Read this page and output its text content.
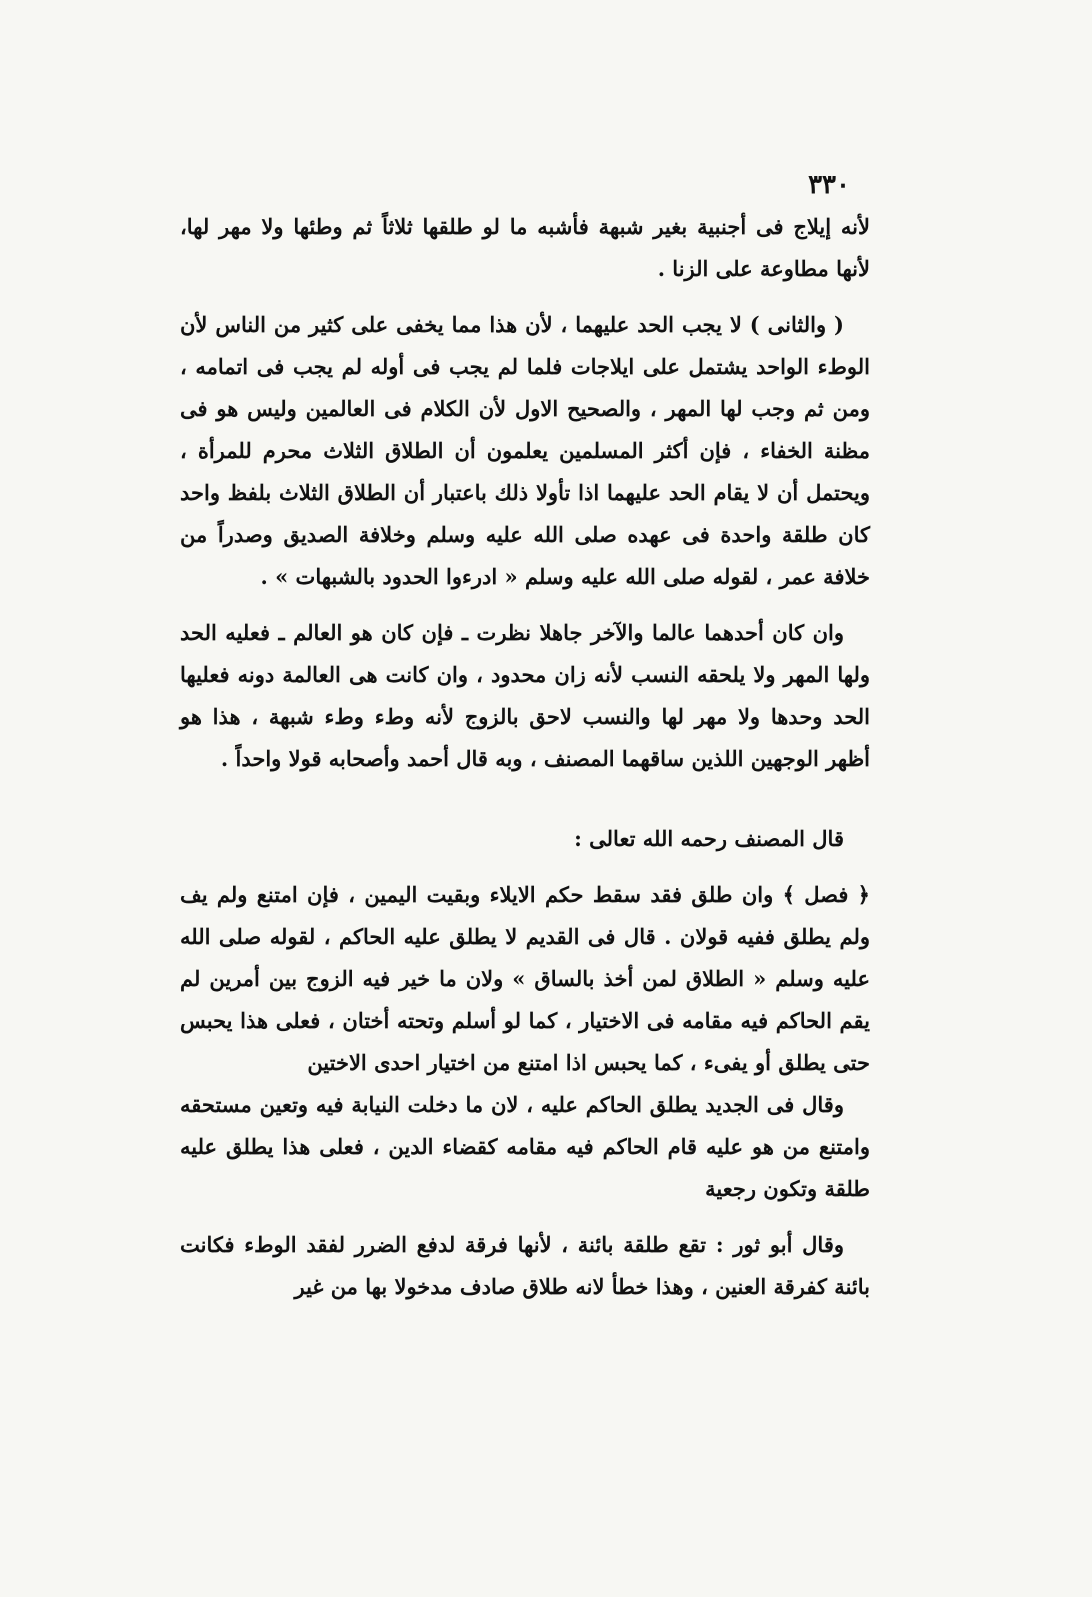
٣٣٠

لأنه إيلاج فى أجنبية بغير شبهة فأشبه ما لو طلقها ثلاثاً ثم وطئها ولا مهر لها، لأنها مطاوعة على الزنا .

( والثانى ) لا يجب الحد عليهما ، لأن هذا مما يخفى على كثير من الناس لأن الوطء الواحد يشتمل على ايلاجات فلما لم يجب فى أوله لم يجب فى اتمامه ، ومن ثم وجب لها المهر ، والصحيح الاول لأن الكلام فى العالمين وليس هو فى مظنة الخفاء ، فإن أكثر المسلمين يعلمون أن الطلاق الثلاث محرم للمرأة ، ويحتمل أن لا يقام الحد عليهما اذا تأولا ذلك باعتبار أن الطلاق الثلاث بلفظ واحد كان طلقة واحدة فى عهده صلى الله عليه وسلم وخلافة الصديق وصدراً من خلافة عمر ، لقوله صلى الله عليه وسلم « ادرءوا الحدود بالشبهات » .

وان كان أحدهما عالما والآخر جاهلا نظرت ـ فإن كان هو العالم ـ فعليه الحد ولها المهر ولا يلحقه النسب لأنه زان محدود ، وان كانت هى العالمة دونه فعليها الحد وحدها ولا مهر لها والنسب لاحق بالزوج لأنه وطء وطء شبهة ، هذا هو أظهر الوجهين اللذين ساقهما المصنف ، وبه قال أحمد وأصحابه قولا واحداً .

قال المصنف رحمه الله تعالى :

﴿ فصل ﴾ وان طلق فقد سقط حكم الايلاء وبقيت اليمين ، فإن امتنع ولم يف ولم يطلق ففيه قولان . قال فى القديم لا يطلق عليه الحاكم ، لقوله صلى الله عليه وسلم « الطلاق لمن أخذ بالساق » ولان ما خير فيه الزوج بين أمرين لم يقم الحاكم فيه مقامه فى الاختيار ، كما لو أسلم وتحته أختان ، فعلى هذا يحبس حتى يطلق أو يفىء ، كما يحبس اذا امتنع من اختيار احدى الاختين

وقال فى الجديد يطلق الحاكم عليه ، لان ما دخلت النيابة فيه وتعين مستحقه وامتنع من هو عليه قام الحاكم فيه مقامه كقضاء الدين ، فعلى هذا يطلق عليه طلقة وتكون رجعية

وقال أبو ثور : تقع طلقة بائنة ، لأنها فرقة لدفع الضرر لفقد الوطء فكانت بائنة كفرقة العنين ، وهذا خطأ لانه طلاق صادف مدخولا بها من غير
